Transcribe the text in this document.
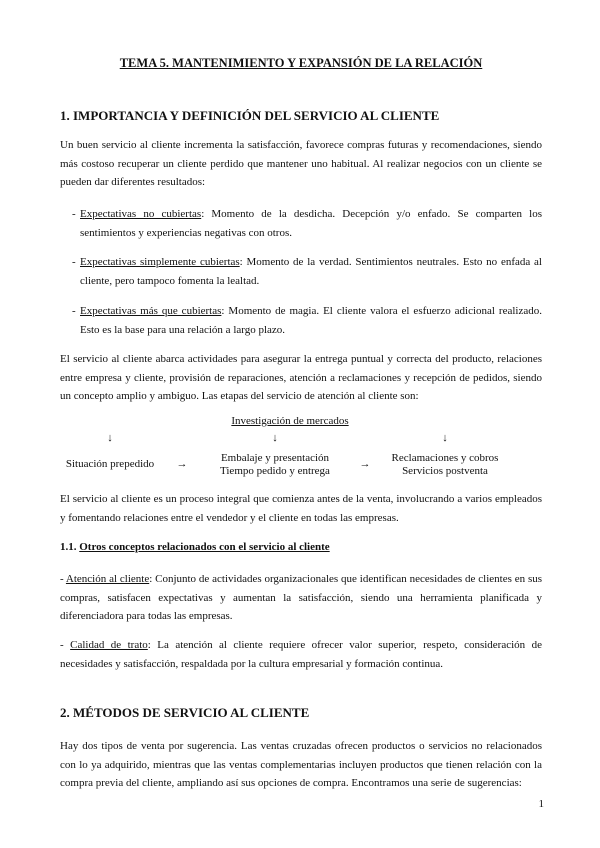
TEMA 5. MANTENIMIENTO Y EXPANSIÓN DE LA RELACIÓN
1. IMPORTANCIA Y DEFINICIÓN DEL SERVICIO AL CLIENTE

Un buen servicio al cliente incrementa la satisfacción, favorece compras futuras y recomendaciones, siendo más costoso recuperar un cliente perdido que mantener uno habitual. Al realizar negocios con un cliente se pueden dar diferentes resultados:

- Expectativas no cubiertas: Momento de la desdicha. Decepción y/o enfado. Se comparten los sentimientos y experiencias negativas con otros.

- Expectativas simplemente cubiertas: Momento de la verdad. Sentimientos neutrales. Esto no enfada al cliente, pero tampoco fomenta la lealtad.

- Expectativas más que cubiertas: Momento de magia. El cliente valora el esfuerzo adicional realizado. Esto es la base para una relación a largo plazo.

El servicio al cliente abarca actividades para asegurar la entrega puntual y correcta del producto, relaciones entre empresa y cliente, provisión de reparaciones, atención a reclamaciones y recepción de pedidos, siendo un concepto amplio y ambiguo. Las etapas del servicio de atención al cliente son:

Investigación de mercados
↓	↓	↓
Situación prepedido	→	Embalaje y presentación
Tiempo pedido y entrega
→	Reclamaciones y cobros
Servicios postventa

El servicio al cliente es un proceso integral que comienza antes de la venta, involucrando a varios empleados y fomentando relaciones entre el vendedor y el cliente en todas las empresas.

1.1. Otros conceptos relacionados con el servicio al cliente

- Atención al cliente: Conjunto de actividades organizacionales que identifican necesidades de clientes en sus compras, satisfacen expectativas y aumentan la satisfacción, siendo una herramienta planificada y diferenciadora para todas las empresas.

- Calidad de trato: La atención al cliente requiere ofrecer valor superior, respeto, consideración de necesidades y satisfacción, respaldada por la cultura empresarial y formación continua.

2. MÉTODOS DE SERVICIO AL CLIENTE

Hay dos tipos de venta por sugerencia. Las ventas cruzadas ofrecen productos o servicios no relacionados con lo ya adquirido, mientras que las ventas complementarias incluyen productos que tienen relación con la compra previa del cliente, ampliando así sus opciones de compra. Encontramos una serie de sugerencias:

1
